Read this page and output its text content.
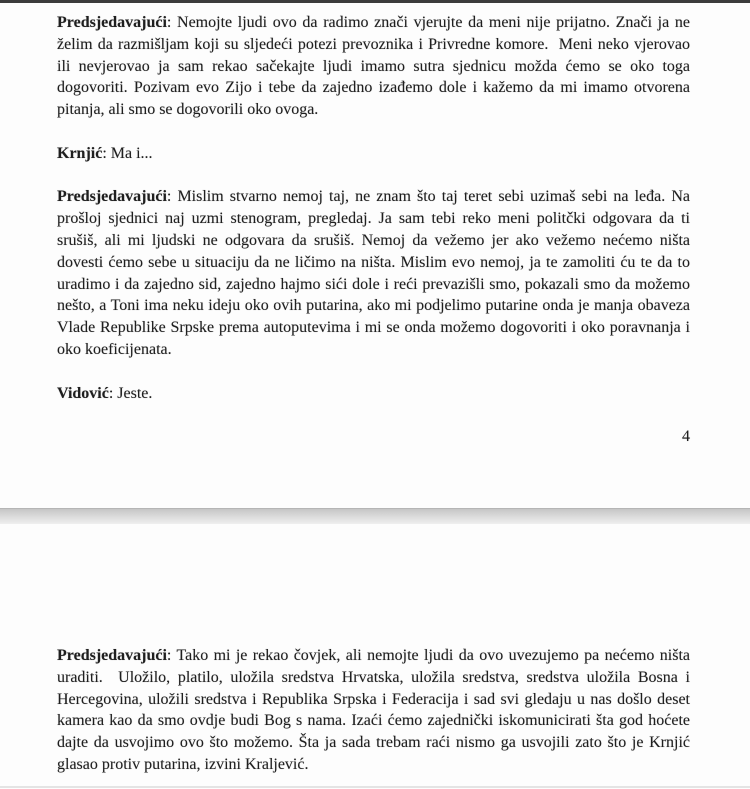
Predsjedavajući: Nemojte ljudi ovo da radimo znači vjerujte da meni nije prijatno. Znači ja ne želim da razmišljam koji su sljedeći potezi prevoznika i Privredne komore.  Meni neko vjerovao ili nevjerovao ja sam rekao sačekajte ljudi imamo sutra sjednicu možda ćemo se oko toga dogovoriti. Pozivam evo Zijo i tebe da zajedno izađemo dole i kažemo da mi imamo otvorena pitanja, ali smo se dogovorili oko ovoga.

Krnjić: Ma i...

Predsjedavajući: Mislim stvarno nemoj taj, ne znam što taj teret sebi uzimaš sebi na leđa. Na prošloj sjednici naj uzmi stenogram, pregledaj. Ja sam tebi reko meni politčki odgovara da ti srušiš, ali mi ljudski ne odgovara da srušiš. Nemoj da vežemo jer ako vežemo nećemo ništa dovesti ćemo sebe u situaciju da ne ličimo na ništa. Mislim evo nemoj, ja te zamoliti ću te da to uradimo i da zajedno sid, zajedno hajmo sići dole i reći prevazišli smo, pokazali smo da možemo nešto, a Toni ima neku ideju oko ovih putarina, ako mi podjelimo putarine onda je manja obaveza Vlade Republike Srpske prema autoputevima i mi se onda možemo dogovoriti i oko poravnanja i oko koeficijenata.

Vidović: Jeste.

4

Predsjedavajući: Tako mi je rekao čovjek, ali nemojte ljudi da ovo uvezujemo pa nećemo ništa uraditi.  Uložilo, platilo, uložila sredstva Hrvatska, uložila sredstva, sredstva uložila Bosna i Hercegovina, uložili sredstva i Republika Srpska i Federacija i sad svi gledaju u nas došlo deset kamera kao da smo ovdje budi Bog s nama. Izaći ćemo zajednički iskomunicirati šta god hoćete dajte da usvojimo ovo što možemo. Šta ja sada trebam raći nismo ga usvojili zato što je Krnjić glasao protiv putarina, izvini Kraljević.
